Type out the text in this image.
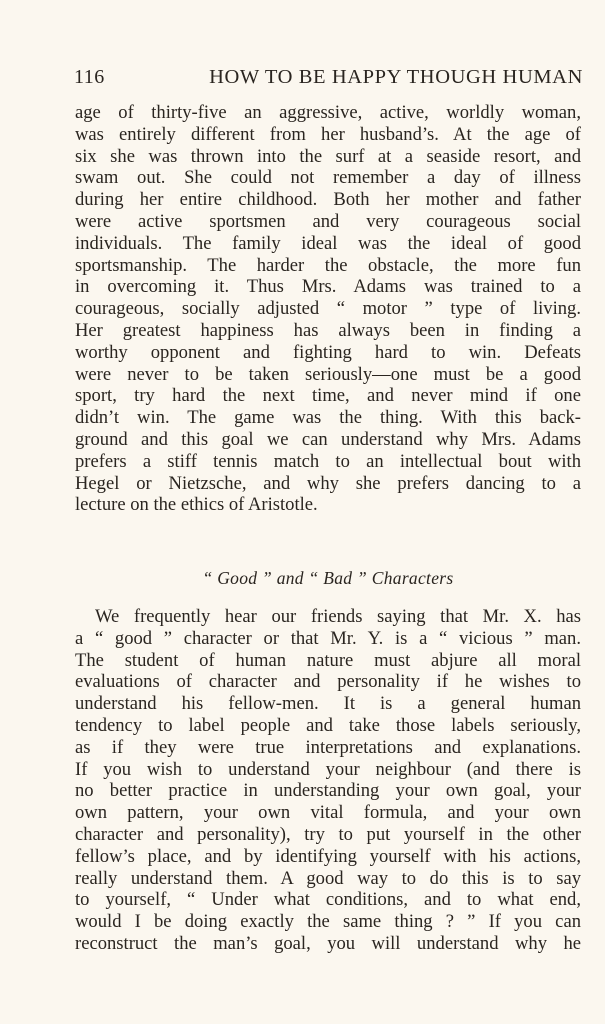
116	HOW TO BE HAPPY THOUGH HUMAN
age of thirty-five an aggressive, active, worldly woman,
was entirely different from her husband’s. At the age of
six she was thrown into the surf at a seaside resort, and
swam out. She could not remember a day of illness
during her entire childhood. Both her mother and father
were active sportsmen and very courageous social
individuals. The family ideal was the ideal of good
sportsmanship. The harder the obstacle, the more fun
in overcoming it. Thus Mrs. Adams was trained to a
courageous, socially adjusted “ motor ” type of living.
Her greatest happiness has always been in finding a
worthy opponent and fighting hard to win. Defeats
were never to be taken seriously—one must be a good
sport, try hard the next time, and never mind if one
didn’t win. The game was the thing. With this back-
ground and this goal we can understand why Mrs. Adams
prefers a stiff tennis match to an intellectual bout with
Hegel or Nietzsche, and why she prefers dancing to a
lecture on the ethics of Aristotle.
“ Good ” and “ Bad ” Characters
We frequently hear our friends saying that Mr. X. has
a “ good ” character or that Mr. Y. is a “ vicious ” man.
The student of human nature must abjure all moral
evaluations of character and personality if he wishes to
understand his fellow-men. It is a general human
tendency to label people and take those labels seriously,
as if they were true interpretations and explanations.
If you wish to understand your neighbour (and there is
no better practice in understanding your own goal, your
own pattern, your own vital formula, and your own
character and personality), try to put yourself in the other
fellow’s place, and by identifying yourself with his actions,
really understand them. A good way to do this is to say
to yourself, “ Under what conditions, and to what end,
would I be doing exactly the same thing ? ” If you can
reconstruct the man’s goal, you will understand why he
